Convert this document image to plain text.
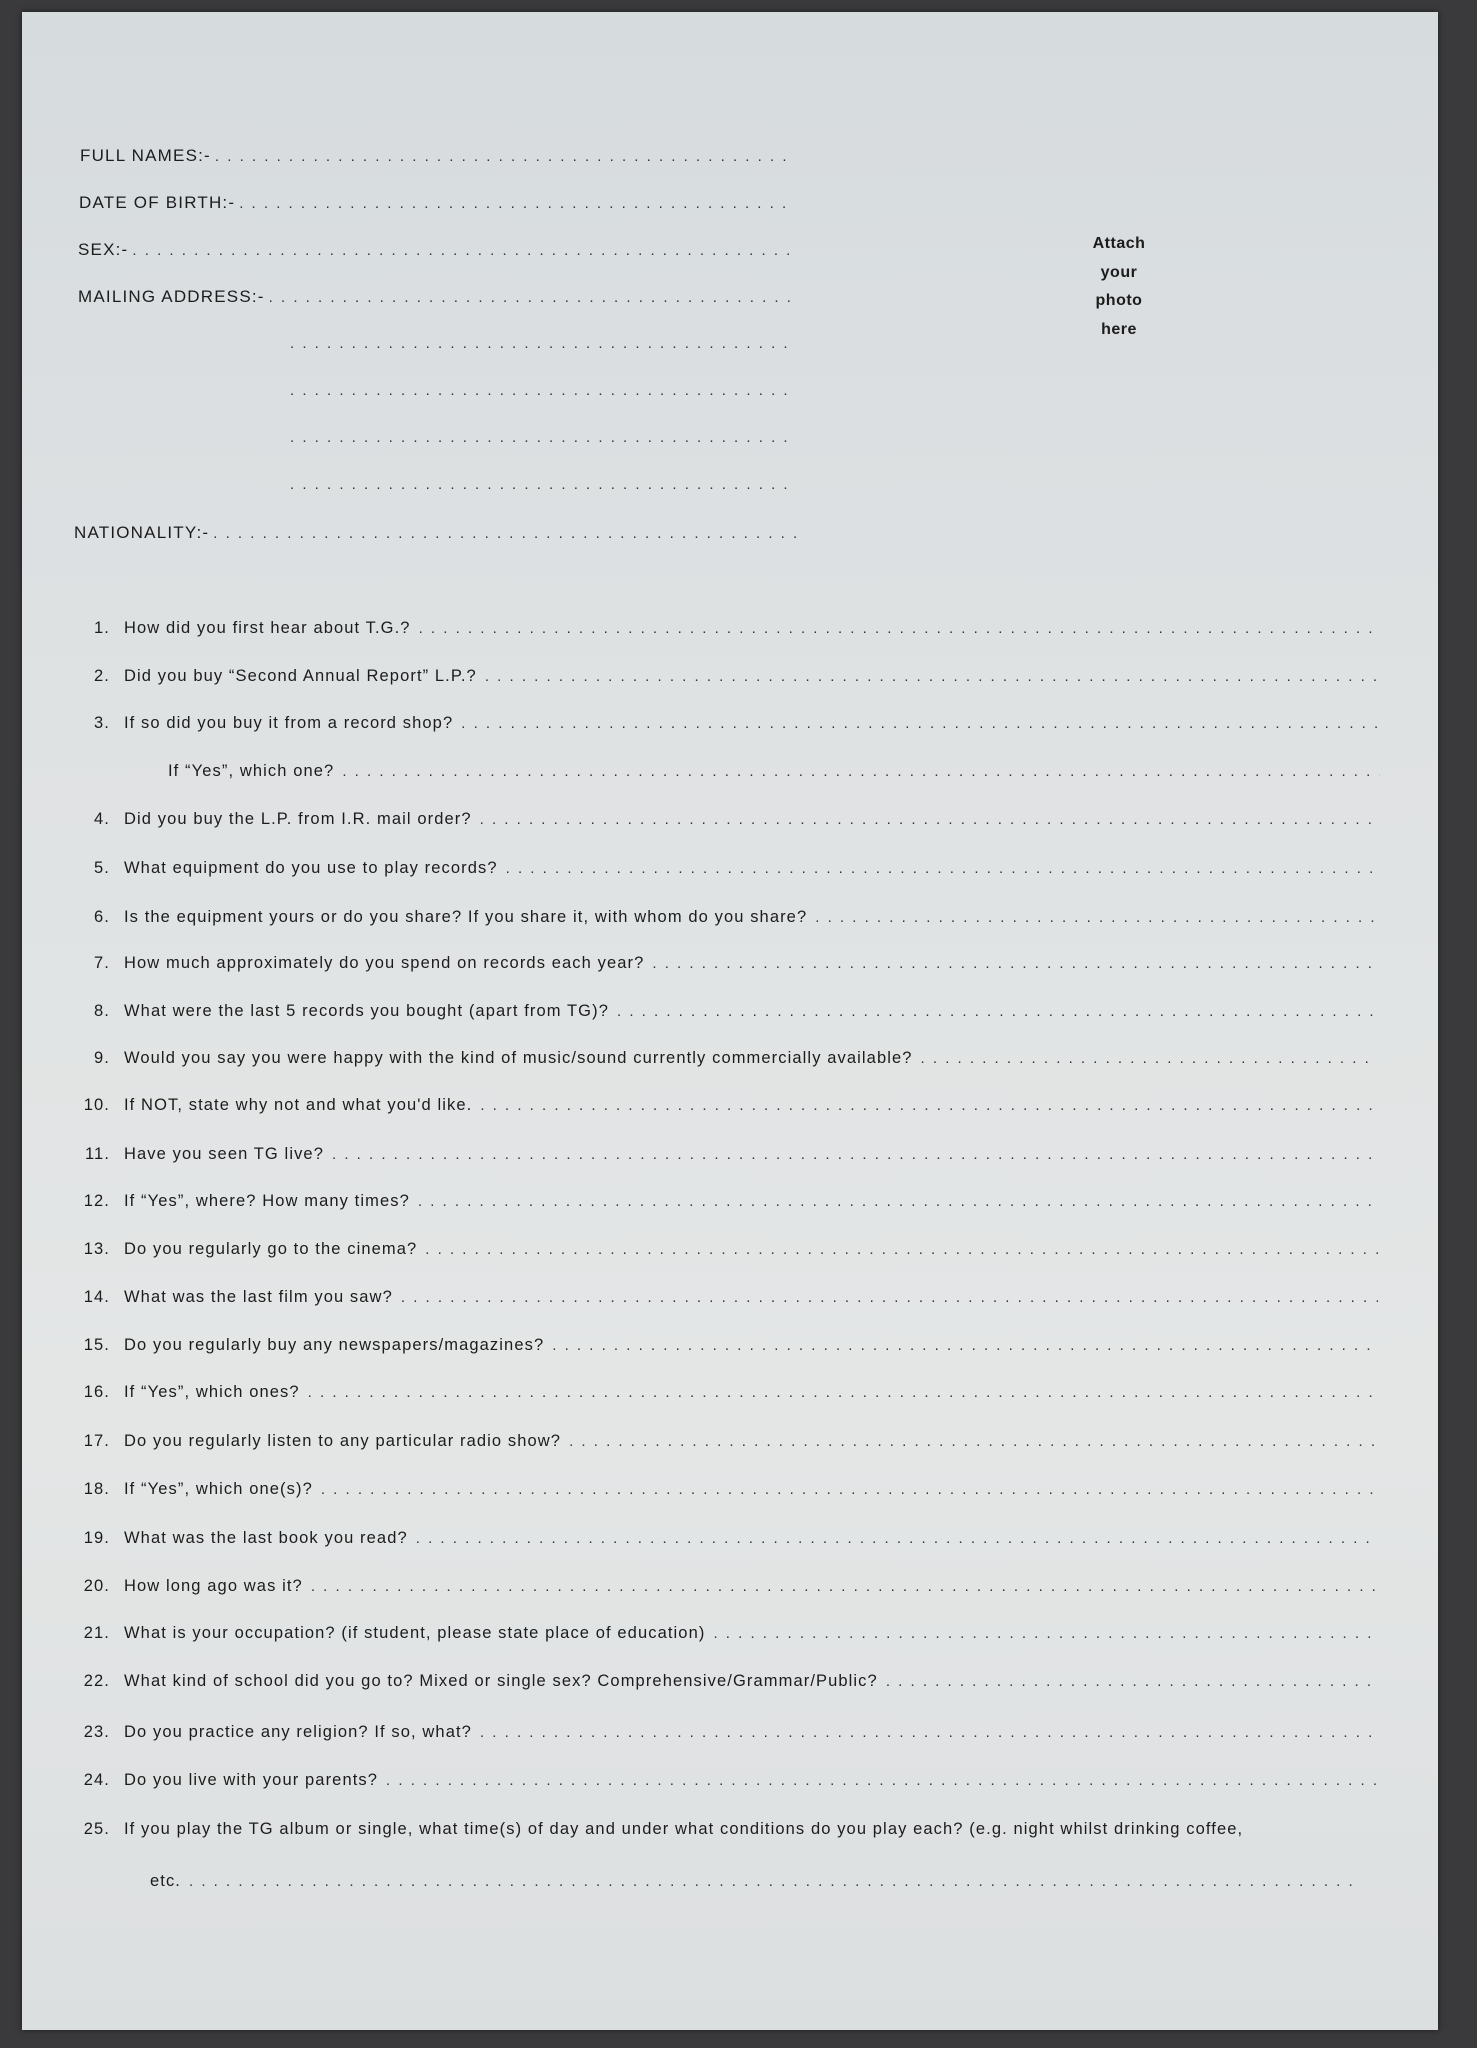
FULL NAMES:-
. . .
DATE OF BIRTH:-
. . .
SEX:-
. . .
MAILING ADDRESS:-
. . .
. . .
. . .
. . .
. . .
NATIONALITY:-
. . .
Attach
your
photo
here
1. How did you first hear about T.G.?
. . .
2. Did you buy “Second Annual Report” L.P.?
. . .
3. If so did you buy it from a record shop?
. . .
If “Yes”, which one?
. . .
4. Did you buy the L.P. from I.R. mail order?
. . .
5. What equipment do you use to play records?
. . .
6. Is the equipment yours or do you share? If you share it, with whom do you share?
. . .
7. How much approximately do you spend on records each year?
. . .
8. What were the last 5 records you bought (apart from TG)?
. . .
9. Would you say you were happy with the kind of music/sound currently commercially available?
. . .
10. If NOT, state why not and what you'd like.
. . .
11. Have you seen TG live?
. . .
12. If “Yes”, where? How many times?
. . .
13. Do you regularly go to the cinema?
. . .
14. What was the last film you saw?
. . .
15. Do you regularly buy any newspapers/magazines?
. . .
16. If “Yes”, which ones?
. . .
17. Do you regularly listen to any particular radio show?
. . .
18. If “Yes”, which one(s)?
. . .
19. What was the last book you read?
. . .
20. How long ago was it?
. . .
21. What is your occupation? (if student, please state place of education)
. . .
22. What kind of school did you go to? Mixed or single sex? Comprehensive/Grammar/Public?
. . .
23. Do you practice any religion? If so, what?
. . .
24. Do you live with your parents?
. . .
25. If you play the TG album or single, what time(s) of day and under what conditions do you play each? (e.g. night whilst drinking coffee,
etc.
. . .
